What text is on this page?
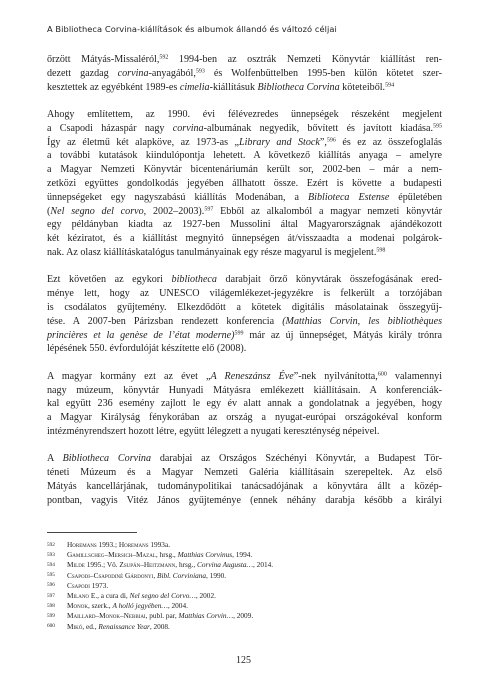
A Bibliotheca Corvina-kiállítások és albumok állandó és változó céljai

őrzött Mátyás-Missaléról,$^{592}$ 1994-ben az osztrák Nemzeti Könyvtár kiállítást ren-
dezett gazdag corvina-anyagából,$^{593}$ és Wolfenbüttelben 1995-ben külön kötetet szer-
kesztettek az egyébként 1989-es cimelia-kiállításuk Bibliotheca Corvina köteteiből.$^{594}$

Ahogy említettem, az 1990. évi félévezredes ünnepségek részeként megjelent
a Csapodi házaspár nagy corvina-albumának negyedik, bővített és javított kiadása.$^{595}$
Így az életmű két alapköve, az 1973-as „Library and Stock”,$^{596}$ és ez az összefoglalás
a további kutatások kiindulópontja lehetett. A következő kiállítás anyaga – amelyre
a Magyar Nemzeti Könyvtár bicentenáriumán került sor, 2002-ben – már a nem-
zetközi együttes gondolkodás jegyében állhatott össze. Ezért is követte a budapesti
ünnepségeket egy nagyszabású kiállítás Modenában, a Biblioteca Estense épületében
(Nel segno del corvo, 2002–2003).$^{597}$ Ebből az alkalomból a magyar nemzeti könyvtár
egy példányban kiadta az 1927-ben Mussolini által Magyarországnak ajándékozott
két kéziratot, és a kiállítást megnyitó ünnepségen át/visszaadta a modenai polgárok-
nak. Az olasz kiállításkatalógus tanulmányainak egy része magyarul is megjelent.$^{598}$

Ezt követően az egykori bibliotheca darabjait őrző könyvtárak összefogásának ered-
ménye lett, hogy az UNESCO világemlékezet-jegyzékre is felkerült a torzójában
is csodálatos gyűjtemény. Elkezdődött a kötetek digitális másolatainak összegyűj-
tése. A 2007-ben Párizsban rendezett konferencia (Matthias Corvin, les bibliothèques
princières et la genèse de l’état moderne)$^{599}$ már az új ünnepséget, Mátyás király trónra
lépésének 550. évfordulóját készítette elő (2008).

A magyar kormány ezt az évet „A Reneszánsz Éve”-nek nyilvánította,$^{600}$ valamennyi
nagy múzeum, könyvtár Hunyadi Mátyásra emlékezett kiállításain. A konferenciák-
kal együtt 236 esemény zajlott le egy év alatt annak a gondolatnak a jegyében, hogy
a Magyar Királyság fénykorában az ország a nyugat-európai országokéval konform
intézményrendszert hozott létre, együtt lélegzett a nyugati kereszténység népeivel.

A Bibliotheca Corvina darabjai az Országos Széchényi Könyvtár, a Budapest Tör-
téneti Múzeum és a Magyar Nemzeti Galéria kiállításain szerepeltek. Az első
Mátyás kancellárjának, tudománypolitikai tanácsadójának a könyvtára állt a közép-
pontban, vagyis Vitéz János gyűjteménye (ennek néhány darabja később a királyi

592	Horemans 1993.; Horemans 1993a.
593	Gamillscheg–Mersich–Mazal, hrsg., Matthias Corvinus, 1994.
594	Milde 1995.; Vö. Zsupán–Heitzmann, hrsg., Corvina Augusta…, 2014.
595	Csapodi–Csapodiné Gárdonyi, Bibl. Corviniana, 1990.
596	Csapodi 1973.
597	Milano E., a cura di, Nel segno del Corvo…, 2002.
598	Monok, szerk., A holló jegyében…, 2004.
599	Maillard–Monok–Nebbiai, publ. par, Matthias Corvin…, 2009.
600	Mikó, ed., Renaissance Year, 2008.
125
